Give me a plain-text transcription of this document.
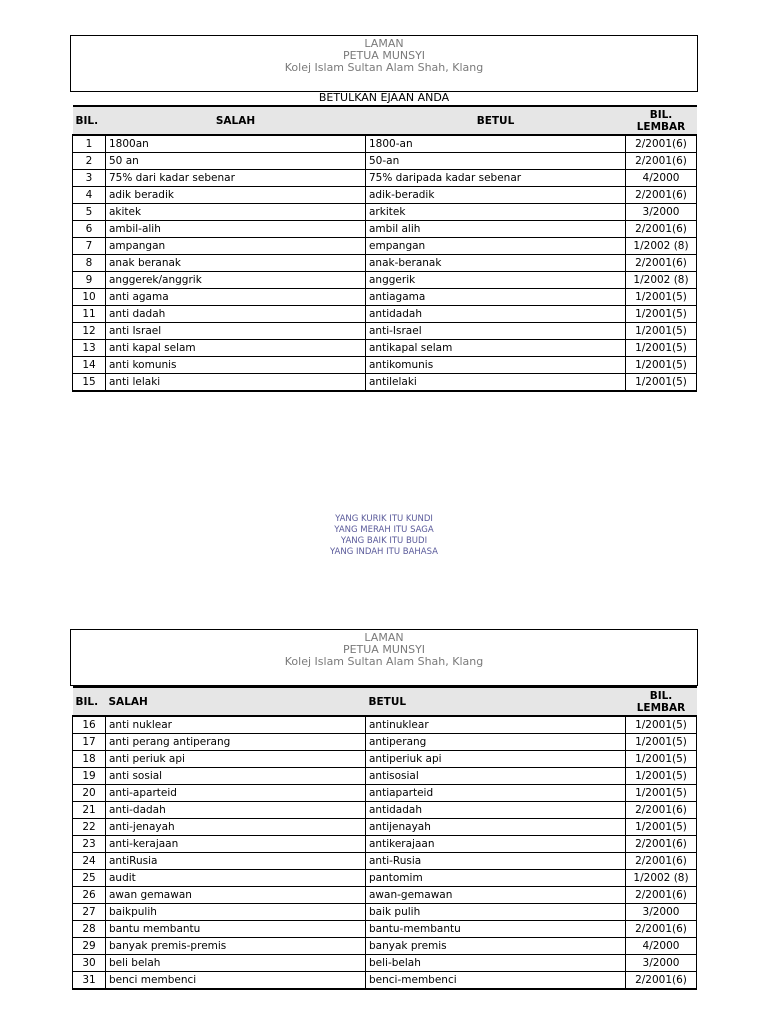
LAMAN
PETUA MUNSYI
Kolej Islam Sultan Alam Shah, Klang
BETULKAN EJAAN ANDA
BIL.	SALAH	BETUL	BIL.
LEMBAR
1	1800an	1800-an	2/2001(6)
2	50 an	50-an	2/2001(6)
3	75% dari kadar sebenar	75% daripada kadar sebenar	4/2000
4	adik beradik	adik-beradik	2/2001(6)
5	akitek	arkitek	3/2000
6	ambil-alih	ambil alih	2/2001(6)
7	ampangan	empangan	1/2002 (8)
8	anak beranak	anak-beranak	2/2001(6)
9	anggerek/anggrik	anggerik	1/2002 (8)
10	anti agama	antiagama	1/2001(5)
11	anti dadah	antidadah	1/2001(5)
12	anti Israel	anti-Israel	1/2001(5)
13	anti kapal selam	antikapal selam	1/2001(5)
14	anti komunis	antikomunis	1/2001(5)
15	anti lelaki	antilelaki	1/2001(5)
YANG KURIK ITU KUNDI
YANG MERAH ITU SAGA
YANG BAIK ITU BUDI
YANG INDAH ITU BAHASA
LAMAN
PETUA MUNSYI
Kolej Islam Sultan Alam Shah, Klang
BIL.	SALAH	BETUL	BIL.
LEMBAR
16	anti nuklear	antinuklear	1/2001(5)
17	anti perang antiperang	antiperang	1/2001(5)
18	anti periuk api	antiperiuk api	1/2001(5)
19	anti sosial	antisosial	1/2001(5)
20	anti-aparteid	antiaparteid	1/2001(5)
21	anti-dadah	antidadah	2/2001(6)
22	anti-jenayah	antijenayah	1/2001(5)
23	anti-kerajaan	antikerajaan	2/2001(6)
24	antiRusia	anti-Rusia	2/2001(6)
25	audit	pantomim	1/2002 (8)
26	awan gemawan	awan-gemawan	2/2001(6)
27	baikpulih	baik pulih	3/2000
28	bantu membantu	bantu-membantu	2/2001(6)
29	banyak premis-premis	banyak premis	4/2000
30	beli belah	beli-belah	3/2000
31	benci membenci	benci-membenci	2/2001(6)
